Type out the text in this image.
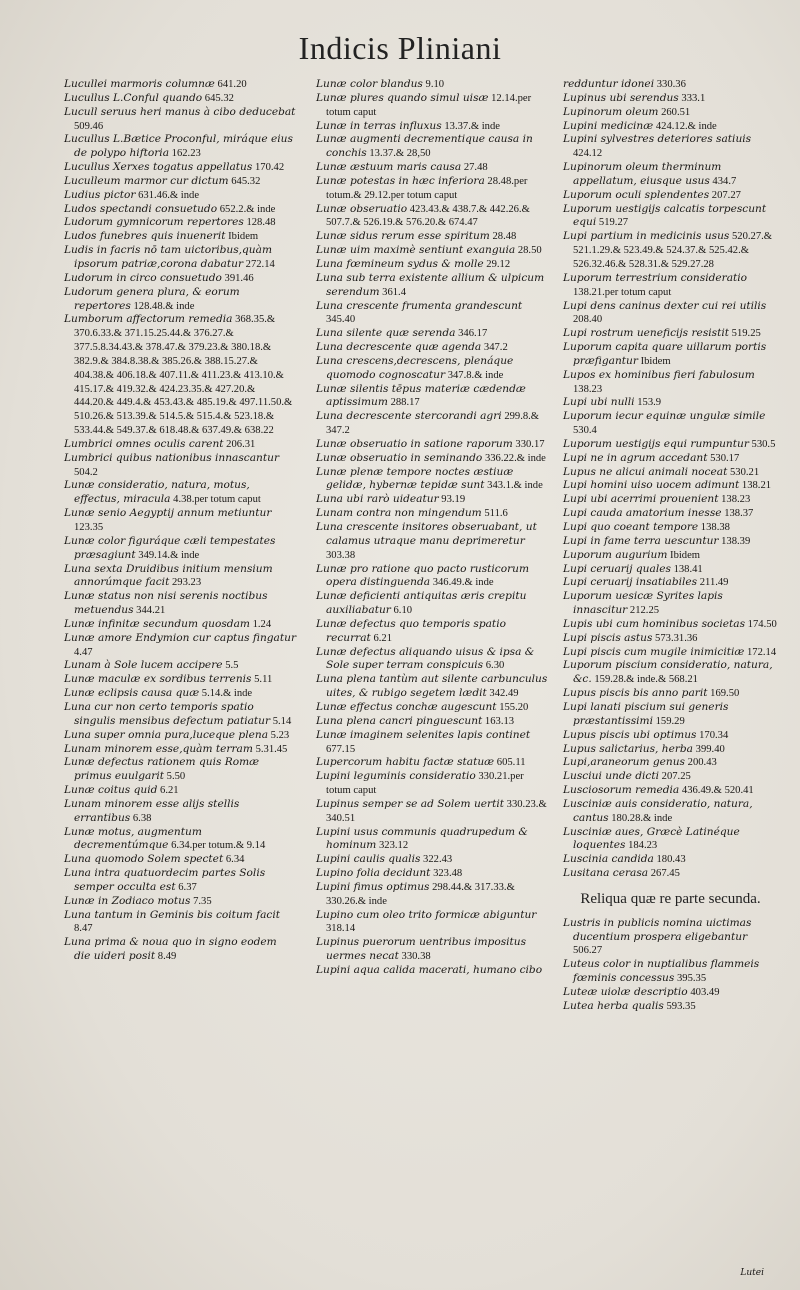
Indicis Pliniani

Lucullei marmoris columnæ 641.20

Lucullus L.Conful quando 645.32

Lucull seruus heri manus à cibo deducebat 509.46

Lucullus L.Bætice Proconful, miráque eius de polypo hiftoria 162.23

Lucullus Xerxes togatus appellatus 170.42

Luculleum marmor cur dictum 645.32

Ludius pictor 631.46.& inde

Ludos spectandi consuetudo 652.2.& inde

Ludorum gymnicorum repertores 128.48

Ludos funebres quis inuenerit Ibidem

Ludis in facris nō tam uictoribus,quàm ipsorum patriæ,corona dabatur 272.14

Ludorum in circo consuetudo 391.46

Ludorum genera plura, & eorum repertores 128.48.& inde

Lumborum affectorum remedia 368.35.& 370.6.33.& 371.15.25.44.& 376.27.& 377.5.8.34.43.& 378.47.& 379.23.& 380.18.& 382.9.& 384.8.38.& 385.26.& 388.15.27.& 404.38.& 406.18.& 407.11.& 411.23.& 413.10.& 415.17.& 419.32.& 424.23.35.& 427.20.& 444.20.& 449.4.& 453.43.& 485.19.& 497.11.50.& 510.26.& 513.39.& 514.5.& 515.4.& 523.18.& 533.44.& 549.37.& 618.48.& 637.49.& 638.22

Lumbrici omnes oculis carent 206.31

Lumbrici quibus nationibus innascantur 504.2

Lunæ consideratio, natura, motus, effectus, miracula 4.38.per totum caput

Lunæ senio Aegyptij annum metiuntur 123.35

Lunæ color figuráque cæli tempestates præsagiunt 349.14.& inde

Luna sexta Druidibus initium mensium annorúmque facit 293.23

Lunæ status non nisi serenis noctibus metuendus 344.21

Lunæ infinitæ secundum quosdam 1.24

Lunæ amore Endymion cur captus fingatur 4.47

Lunam à Sole lucem accipere 5.5

Lunæ maculæ ex sordibus terrenis 5.11

Lunæ eclipsis causa quæ 5.14.& inde

Luna cur non certo temporis spatio singulis mensibus defectum patiatur 5.14

Luna super omnia pura,luceque plena 5.23

Lunam minorem esse,quàm terram 5.31.45

Lunæ defectus rationem quis Romæ primus euulgarit 5.50

Lunæ coitus quid 6.21

Lunam minorem esse alijs stellis errantibus 6.38

Lunæ motus, augmentum decrementúmque 6.34.per totum.& 9.14

Luna quomodo Solem spectet 6.34

Luna intra quatuordecim partes Solis semper occulta est 6.37

Lunæ in Zodiaco motus 7.35

Luna tantum in Geminis bis coitum facit 8.47

Luna prima & noua quo in signo eodem die uideri posit 8.49

Lunæ color blandus 9.10

Lunæ plures quando simul uisæ 12.14.per totum caput

Lunæ in terras influxus 13.37.& inde

Lunæ augmenti decrementique causa in conchis 13.37.& 28,50

Lunæ æstuum maris causa 27.48

Lunæ potestas in hæc inferiora 28.48.per totum.& 29.12.per totum caput

Lunæ obseruatio 423.43.& 438.7.& 442.26.& 507.7.& 526.19.& 576.20.& 674.47

Lunæ sidus rerum esse spiritum 28.48

Lunæ uim maximè sentiunt exanguia 28.50

Luna fœmineum sydus & molle 29.12

Luna sub terra existente allium & ulpicum serendum 361.4

Luna crescente frumenta grandescunt 345.40

Luna silente quæ serenda 346.17

Luna decrescente quæ agenda 347.2

Luna crescens,decrescens, plenáque quomodo cognoscatur 347.8.& inde

Lunæ silentis tēpus materiæ cædendæ aptissimum 288.17

Luna decrescente stercorandi agri 299.8.& 347.2

Lunæ obseruatio in satione raporum 330.17

Lunæ obseruatio in seminando 336.22.& inde

Lunæ plenæ tempore noctes æstiuæ gelidæ, hybernæ tepidæ sunt 343.1.& inde

Luna ubi rarò uideatur 93.19

Lunam contra non mingendum 511.6

Luna crescente insitores obseruabant, ut calamus utraque manu deprimeretur 303.38

Lunæ pro ratione quo pacto rusticorum opera distinguenda 346.49.& inde

Lunæ deficienti antiquitas æris crepitu auxiliabatur 6.10

Lunæ defectus quo temporis spatio recurrat 6.21

Lunæ defectus aliquando uisus & ipsa & Sole super terram conspicuis 6.30

Luna plena tantùm aut silente carbunculus uites, & rubigo segetem lædit 342.49

Lunæ effectus conchæ augescunt 155.20

Luna plena cancri pinguescunt 163.13

Lunæ imaginem selenites lapis continet 677.15

Lupercorum habitu factæ statuæ 605.11

Lupini leguminis consideratio 330.21.per totum caput

Lupinus semper se ad Solem uertit 330.23.& 340.51

Lupini usus communis quadrupedum & hominum 323.12

Lupini caulis qualis 322.43

Lupino folia decidunt 323.48

Lupini fimus optimus 298.44.& 317.33.& 330.26.& inde

Lupino cum oleo trito formicæ abiguntur 318.14

Lupinus puerorum uentribus impositus uermes necat 330.38

Lupini aqua calida macerati, humano cibo

redduntur idonei 330.36

Lupinus ubi serendus 333.1

Lupinorum oleum 260.51

Lupini medicinæ 424.12.& inde

Lupini sylvestres deteriores satiuis 424.12

Lupinorum oleum therminum appellatum, eiusque usus 434.7

Luporum oculi splendentes 207.27

Luporum uestigijs calcatis torpescunt equi 519.27

Lupi partium in medicinis usus 520.27.& 521.1.29.& 523.49.& 524.37.& 525.42.& 526.32.46.& 528.31.& 529.27.28

Luporum terrestrium consideratio 138.21.per totum caput

Lupi dens caninus dexter cui rei utilis 208.40

Lupi rostrum ueneficijs resistit 519.25

Luporum capita quare uillarum portis præfigantur Ibidem

Lupos ex hominibus fieri fabulosum 138.23

Lupi ubi nulli 153.9

Luporum iecur equinæ ungulæ simile 530.4

Luporum uestigijs equi rumpuntur 530.5

Lupi ne in agrum accedant 530.17

Lupus ne alicui animali noceat 530.21

Lupi homini uiso uocem adimunt 138.21

Lupi ubi acerrimi prouenient 138.23

Lupi cauda amatorium inesse 138.37

Lupi quo coeant tempore 138.38

Lupi in fame terra uescuntur 138.39

Luporum augurium Ibidem

Lupi ceruarij quales 138.41

Lupi ceruarij insatiabiles 211.49

Luporum uesicæ Syrites lapis innascitur 212.25

Lupis ubi cum hominibus societas 174.50

Lupi piscis astus 573.31.36

Lupi piscis cum mugile inimicitiæ 172.14

Luporum piscium consideratio, natura, &c. 159.28.& inde.& 568.21

Lupus piscis bis anno parit 169.50

Lupi lanati piscium sui generis præstantissimi 159.29

Lupus piscis ubi optimus 170.34

Lupus salictarius, herba 399.40

Lupi,araneorum genus 200.43

Lusciui unde dicti 207.25

Lusciosorum remedia 436.49.& 520.41

Lusciniæ auis consideratio, natura, cantus 180.28.& inde

Lusciniæ aues, Græcè Latinéque loquentes 184.23

Luscinia candida 180.43

Lusitana cerasa 267.45

Reliqua quæ re parte secunda.

Lustris in publicis nomina uictimas ducentium prospera eligebantur 506.27

Luteus color in nuptialibus flammeis fœminis concessus 395.35

Luteæ uiolæ descriptio 403.49

Lutea herba qualis 593.35

Lutei
